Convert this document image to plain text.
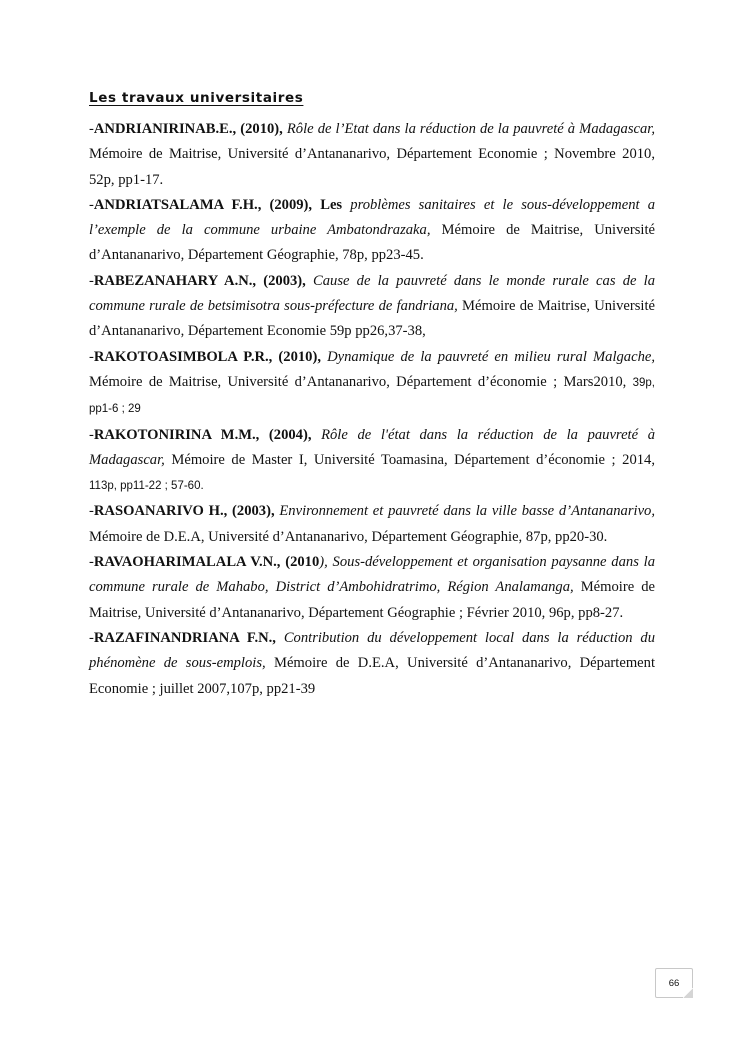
Les travaux universitaires

-ANDRIANIRINAB.E., (2010), Rôle de l’Etat dans la réduction de la pauvreté à Madagascar, Mémoire de Maitrise, Université d’Antananarivo, Département Economie ; Novembre 2010, 52p, pp1-17.

-ANDRIATSALAMA F.H., (2009), Les problèmes sanitaires et le sous-développement a l’exemple de la commune urbaine Ambatondrazaka, Mémoire de Maitrise, Université d’Antananarivo, Département Géographie, 78p, pp23-45.

-RABEZANAHARY A.N., (2003), Cause de la pauvreté dans le monde rurale cas de la commune rurale de betsimisotra sous-préfecture de fandriana, Mémoire de Maitrise, Université d’Antananarivo, Département Economie 59p pp26,37-38,

-RAKOTOASIMBOLA P.R., (2010), Dynamique de la pauvreté en milieu rural Malgache, Mémoire de Maitrise, Université d’Antananarivo, Département d’économie ; Mars2010, 39p, pp1-6 ; 29

-RAKOTONIRINA M.M., (2004), Rôle de l'état dans la réduction de la pauvreté à Madagascar, Mémoire de Master I, Université Toamasina, Département d’économie ; 2014, 113p, pp11-22 ; 57-60.

-RASOANARIVO H., (2003), Environnement et pauvreté dans la ville basse d’Antananarivo, Mémoire de D.E.A, Université d’Antananarivo, Département Géographie, 87p, pp20-30.

-RAVAOHARIMALALA V.N., (2010), Sous-développement et organisation paysanne dans la commune rurale de Mahabo, District d’Ambohidratrimo, Région Analamanga, Mémoire de Maitrise, Université d’Antananarivo, Département Géographie ; Février 2010, 96p, pp8-27.

-RAZAFINANDRIANA F.N., Contribution du développement local dans la réduction du phénomène de sous-emplois, Mémoire de D.E.A, Université d’Antananarivo, Département Economie ; juillet 2007,107p, pp21-39

66
